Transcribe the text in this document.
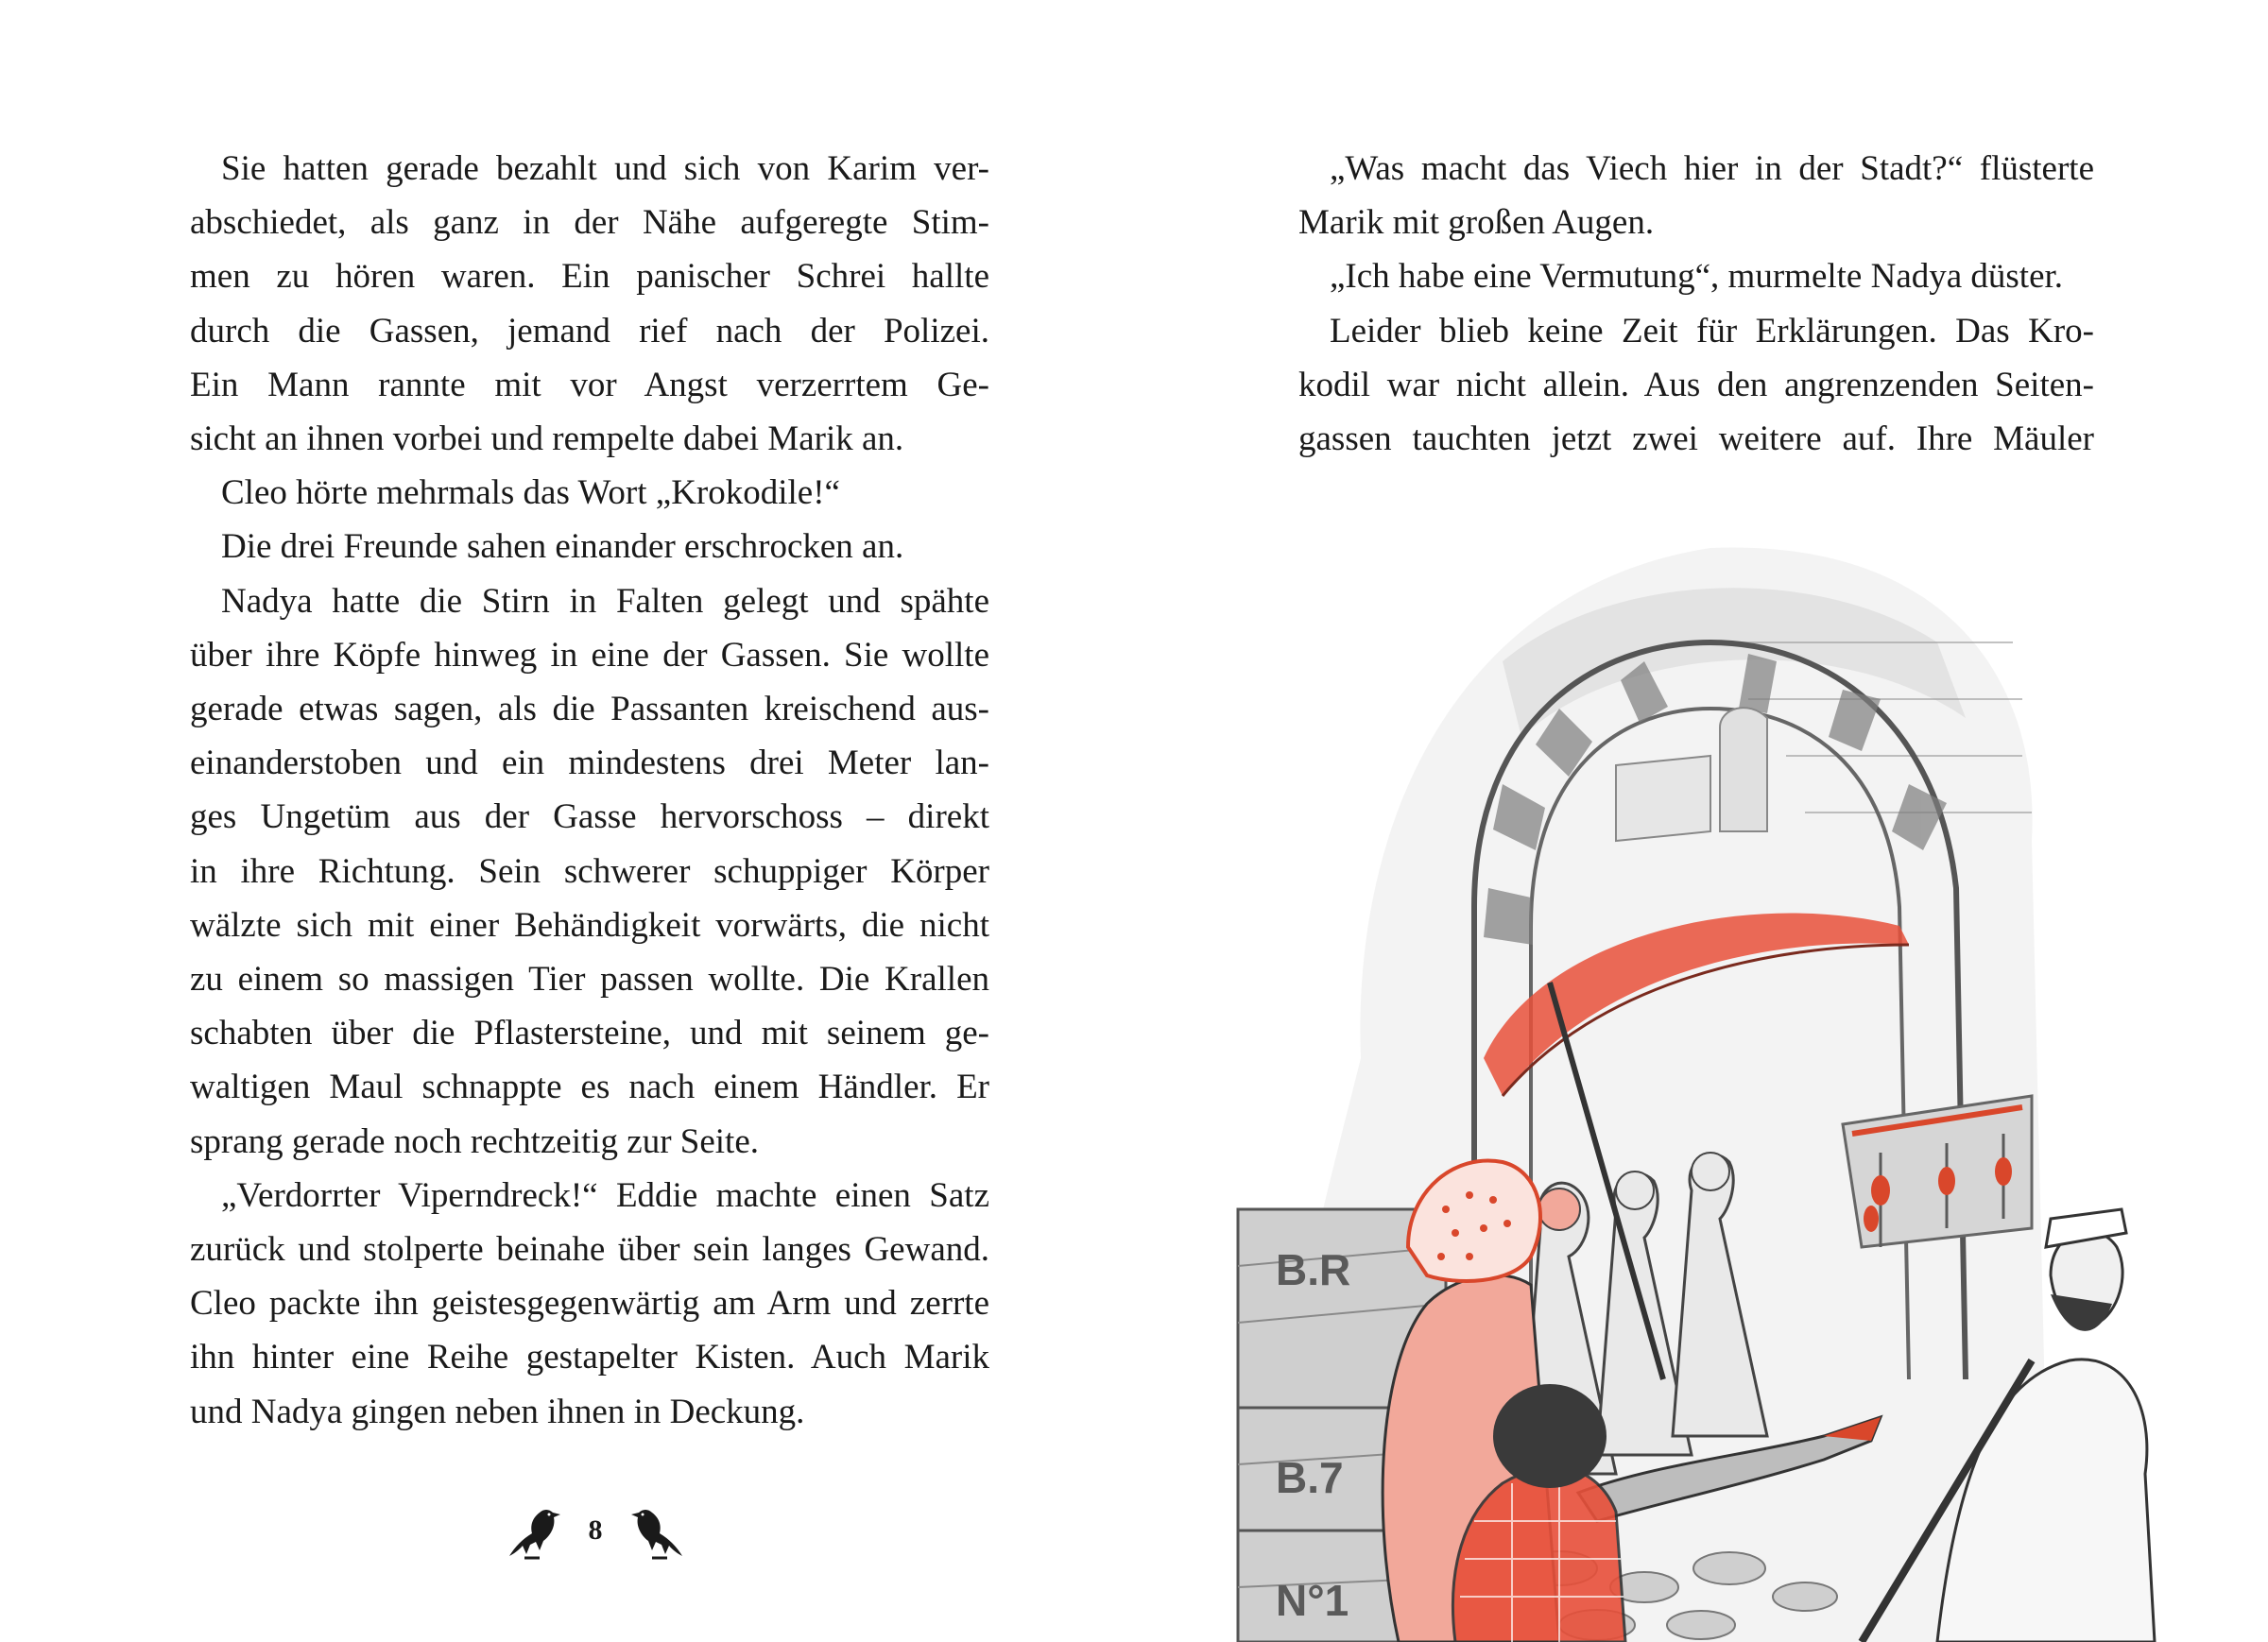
Sie hatten gerade bezahlt und sich von Karim ver-
abschiedet, als ganz in der Nähe aufgeregte Stim-
men zu hören waren. Ein panischer Schrei hallte
durch die Gassen, jemand rief nach der Polizei.
Ein Mann rannte mit vor Angst verzerrtem Ge-
sicht an ihnen vorbei und rempelte dabei Marik an.
Cleo hörte mehrmals das Wort „Krokodile!“
Die drei Freunde sahen einander erschrocken an.
Nadya hatte die Stirn in Falten gelegt und spähte
über ihre Köpfe hinweg in eine der Gassen. Sie wollte
gerade etwas sagen, als die Passanten kreischend aus-
einanderstoben und ein mindestens drei Meter lan-
ges Ungetüm aus der Gasse hervorschoss – direkt
in ihre Richtung. Sein schwerer schuppiger Körper
wälzte sich mit einer Behändigkeit vorwärts, die nicht
zu einem so massigen Tier passen wollte. Die Krallen
schabten über die Pflastersteine, und mit seinem ge-
waltigen Maul schnappte es nach einem Händler. Er
sprang gerade noch rechtzeitig zur Seite.
„Verdorrter Viperndreck!“ Eddie machte einen Satz
zurück und stolperte beinahe über sein langes Gewand.
Cleo packte ihn geistesgegenwärtig am Arm und zerrte
ihn hinter eine Reihe gestapelter Kisten. Auch Marik
und Nadya gingen neben ihnen in Deckung.
8
„Was macht das Viech hier in der Stadt?“ flüsterte
Marik mit großen Augen.
„Ich habe eine Vermutung“, murmelte Nadya düster.
Leider blieb keine Zeit für Erklärungen. Das Kro-
kodil war nicht allein. Aus den angrenzenden Seiten-
gassen tauchten jetzt zwei weitere auf. Ihre Mäuler
B.R
B.7
N°1
